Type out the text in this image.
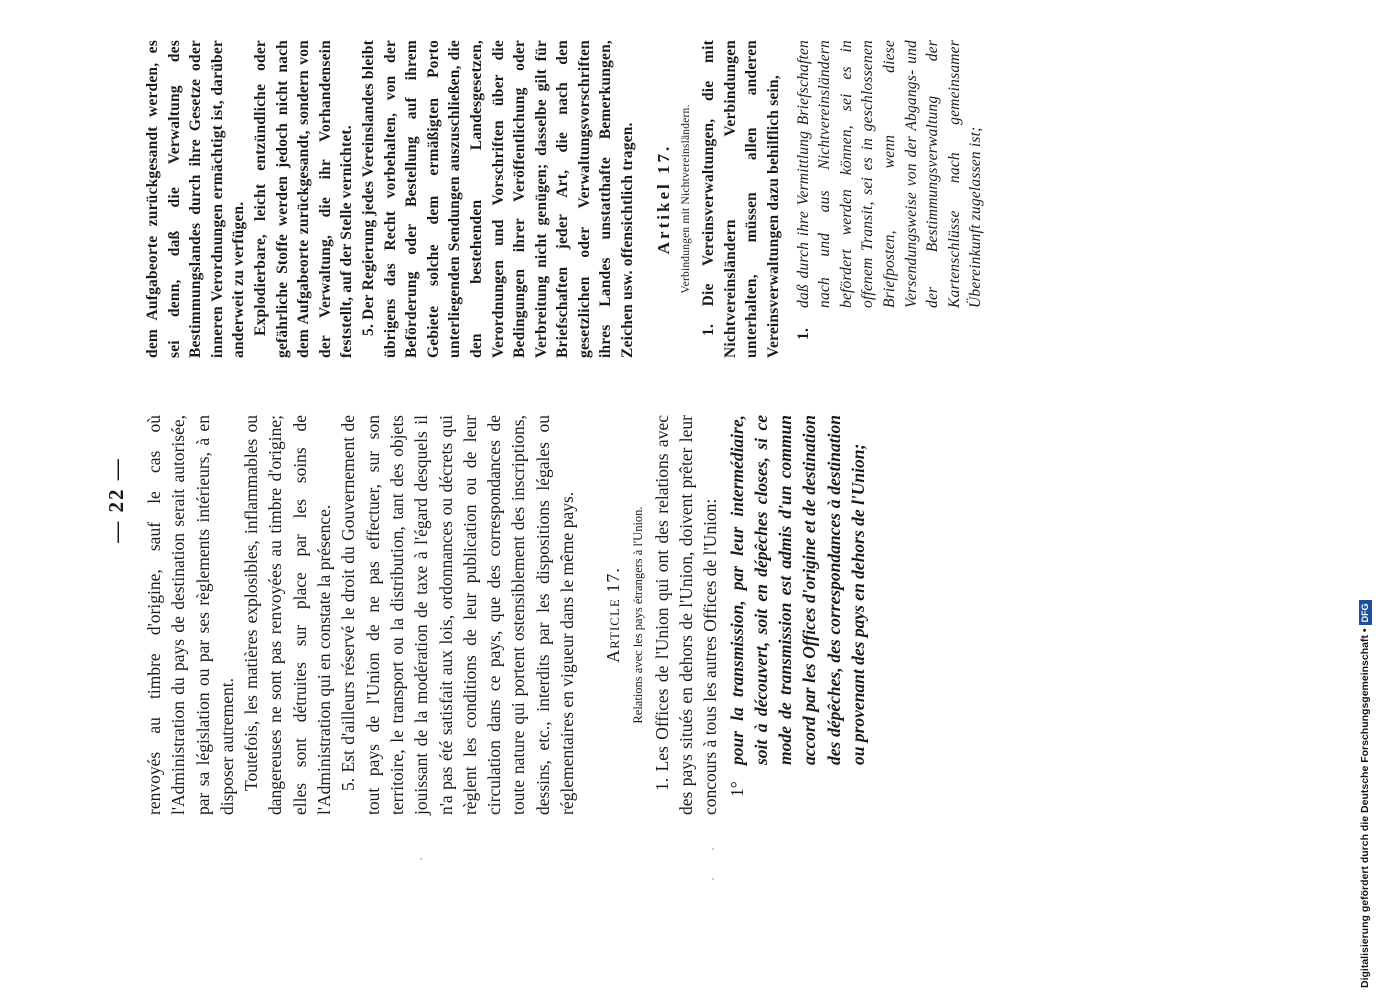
— 22 — renvoyés au timbre d'origine, sauf le cas où l'Administration du pays de destination serait autorisée, par sa législation ou par ses règlements intérieurs, à en disposer autrement. Toutefois, les matières explosibles, inflammables ou dangereuses ne sont pas renvoyées au timbre d'origine; elles sont détruites sur place par les soins de l'Administration qui en constate la présence. 5. Est d'ailleurs réservé le droit du Gouvernement de tout pays de l'Union de ne pas effectuer, sur son territoire, le transport ou la distribution, tant des objets jouissant de la modération de taxe à l'égard desquels il n'a pas été satisfait aux lois, ordonnances ou décrets qui règlent les conditions de leur publication ou de leur circulation dans ce pays, que des correspondances de toute nature qui portent ostensiblement des inscriptions, dessins, etc., interdits par les dispositions légales ou réglementaires en vigueur dans le même pays. Article 17. Relations avec les pays étrangers à l'Union. 1. Les Offices de l'Union qui ont des relations avec des pays situés en dehors de l'Union, doivent prêter leur concours à tous les autres Offices de l'Union: 1°
pour la transmission, par leur intermédiaire, soit à découvert, soit en dépêches closes, si ce mode de transmission est admis d'un commun accord par les Offices d'origine et de destination des dépêches, des correspondances à destination ou provenant des pays en dehors de l'Union;

dem Aufgabeorte zurückgesandt werden, es sei denn, daß die Verwaltung des Bestimmungslandes durch ihre Gesetze oder inneren Verordnungen ermächtigt ist, darüber anderweit zu verfügen. Explodierbare, leicht entzündliche oder gefährliche Stoffe werden jedoch nicht nach dem Aufgabeorte zurückgesandt, sondern von der Verwaltung, die ihr Vorhandensein feststellt, auf der Stelle vernichtet. 5. Der Regierung jedes Vereinslandes bleibt übrigens das Recht vorbehalten, von der Beförderung oder Bestellung auf ihrem Gebiete solche dem ermäßigten Porto unterliegenden Sendungen auszuschließen, die den bestehenden Landesgesetzen, Verordnungen und Vorschriften über die Bedingungen ihrer Veröffentlichung oder Verbreitung nicht genügen; dasselbe gilt für Briefschaften jeder Art, die nach den gesetzlichen oder Verwaltungsvorschriften ihres Landes unstatthafte Bemerkungen, Zeichen usw. offensichtlich tragen. Artikel 17. Verbindungen mit Nichtvereinsländern. 1. Die Vereinsverwaltungen, die mit Nichtvereinsländern Verbindungen unterhalten, müssen allen anderen Vereinsverwaltungen dazu behilflich sein, 1.
daß durch ihre Vermittlung Briefschaften nach und aus Nichtvereinsländern befördert werden können, sei es in offenem Transit, sei es in geschlossenen Briefposten, wenn diese Versendungsweise von der Abgangs- und der Bestimmungsverwaltung der Kartenschlüsse nach gemeinsamer Übereinkunft zugelassen ist;
Digitalisierung gefördert durch die Deutsche Forschungsgemeinschaft •DFG
